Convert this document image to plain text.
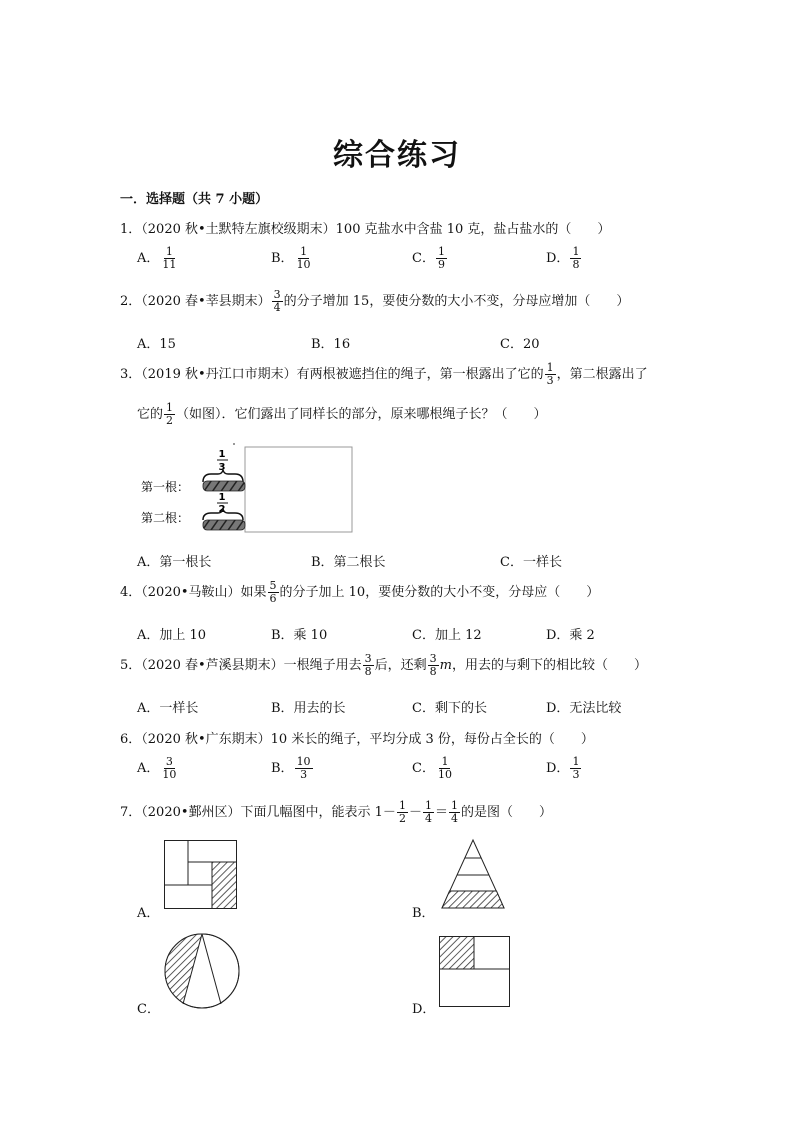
综合练习
一．选择题（共 7 小题）
1．（2020 秋•土默特左旗校级期末）100 克盐水中含盐 10 克，盐占盐水的（　　）
A． $\frac{1}{11}$	B． $\frac{1}{10}$	C． $\frac{1}{9}$	D． $\frac{1}{8}$
2．（2020 春•莘县期末） $\frac{3}{4}$ 的分子增加 15，要使分数的大小不变，分母应增加（　　）
A．15	B．16	C．20
3．（2019 秋•丹江口市期末）有两根被遮挡住的绳子，第一根露出了它的 $\frac{1}{3}$ ，第二根露出了
它的 $\frac{1}{2}$ （如图）．它们露出了同样长的部分，原来哪根绳子长？（　　）
1
3
第一根：
1
2
第二根：
A．第一根长	B．第二根长	C．一样长
4．（2020•马鞍山）如果 $\frac{5}{6}$ 的分子加上 10，要使分数的大小不变，分母应（　　）
A．加上 10	B．乘 10	C．加上 12	D．乘 2
5．（2020 春•芦溪县期末）一根绳子用去 $\frac{3}{8}$ 后，还剩 $\frac{3}{8}$ m，用去的与剩下的相比较（　　）
A．一样长	B．用去的长	C．剩下的长	D．无法比较
6．（2020 秋•广东期末）10 米长的绳子，平均分成 3 份，每份占全长的（　　）
A． $\frac{3}{10}$	B． $\frac{10}{3}$	C． $\frac{1}{10}$	D． $\frac{1}{3}$
7．（2020•鄞州区）下面几幅图中，能表示 $1- \frac{1}{2} - \frac{1}{4} = \frac{1}{4}$ 的是图（　　）
A．	B．
C．	D．
